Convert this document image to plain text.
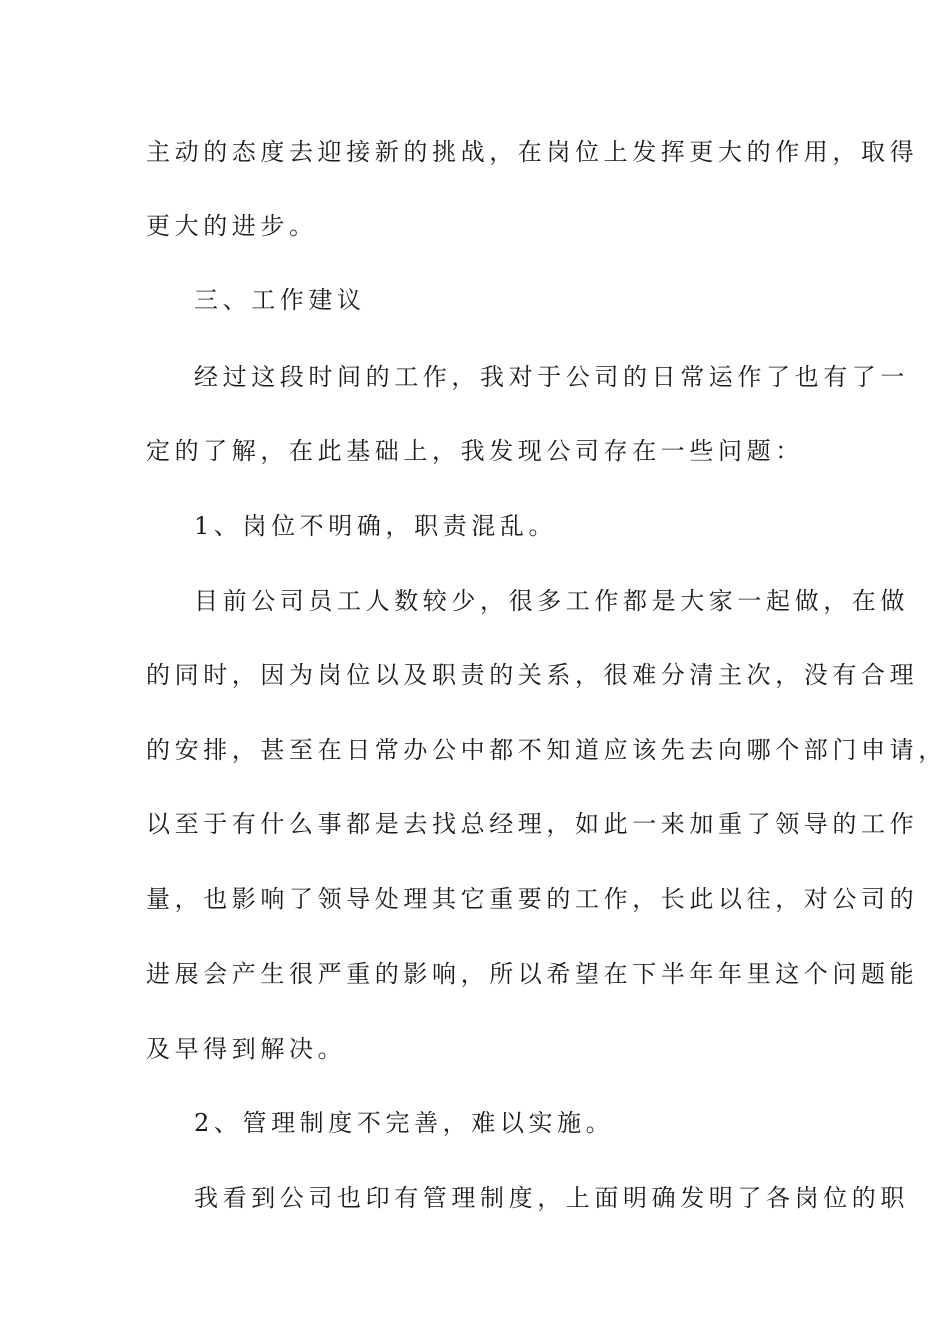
主动的态度去迎接新的挑战，在岗位上发挥更大的作用，取得
更大的进步。
三、工作建议
经过这段时间的工作，我对于公司的日常运作了也有了一
定的了解，在此基础上，我发现公司存在一些问题：
1、岗位不明确，职责混乱。
目前公司员工人数较少，很多工作都是大家一起做，在做
的同时，因为岗位以及职责的关系，很难分清主次，没有合理
的安排，甚至在日常办公中都不知道应该先去向哪个部门申请，
以至于有什么事都是去找总经理，如此一来加重了领导的工作
量，也影响了领导处理其它重要的工作，长此以往，对公司的
进展会产生很严重的影响，所以希望在下半年年里这个问题能
及早得到解决。
2、管理制度不完善，难以实施。
我看到公司也印有管理制度，上面明确发明了各岗位的职
